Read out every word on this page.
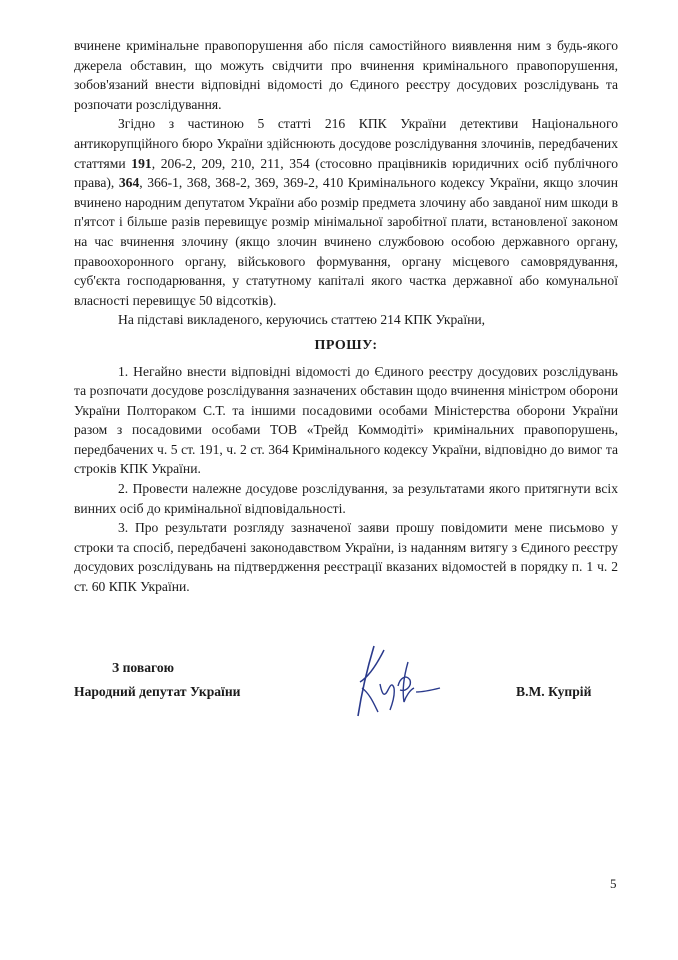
вчинене кримінальне правопорушення або після самостійного виявлення ним з будь-якого джерела обставин, що можуть свідчити про вчинення кримінального правопорушення, зобов'язаний внести відповідні відомості до Єдиного реєстру досудових розслідувань та розпочати розслідування.

Згідно з частиною 5 статті 216 КПК України детективи Національного антикорупційного бюро України здійснюють досудове розслідування злочинів, передбачених статтями 191, 206-2, 209, 210, 211, 354 (стосовно працівників юридичних осіб публічного права), 364, 366-1, 368, 368-2, 369, 369-2, 410 Кримінального кодексу України, якщо злочин вчинено народним депутатом України або розмір предмета злочину або завданої ним шкоди в п'ятсот і більше разів перевищує розмір мінімальної заробітної плати, встановленої законом на час вчинення злочину (якщо злочин вчинено службовою особою державного органу, правоохоронного органу, військового формування, органу місцевого самоврядування, суб'єкта господарювання, у статутному капіталі якого частка державної або комунальної власності перевищує 50 відсотків).

На підставі викладеного, керуючись статтею 214 КПК України,

ПРОШУ:

1. Негайно внести відповідні відомості до Єдиного реєстру досудових розслідувань та розпочати досудове розслідування зазначених обставин щодо вчинення міністром оборони України Полтораком С.Т. та іншими посадовими особами Міністерства оборони України разом з посадовими особами ТОВ «Трейд Коммодіті» кримінальних правопорушень, передбачених ч. 5 ст. 191, ч. 2 ст. 364 Кримінального кодексу України, відповідно до вимог та строків КПК України.

2. Провести належне досудове розслідування, за результатами якого притягнути всіх винних осіб до кримінальної відповідальності.

3. Про результати розгляду зазначеної заяви прошу повідомити мене письмово у строки та спосіб, передбачені законодавством України, із наданням витягу з Єдиного реєстру досудових розслідувань на підтвердження реєстрації вказаних відомостей в порядку п. 1 ч. 2 ст. 60 КПК України.

З повагою
Народний депутат України	В.М. Купрій
5
